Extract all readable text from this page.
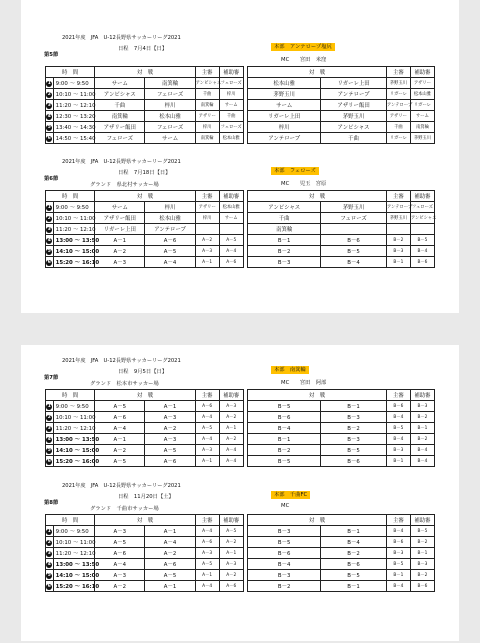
2021年度　JFA　U-12長野県サッカーリーグ2021
第5節
日程　7月4日【日】	本部　アンテロープ塩尻
MC　　宮田　米窪
時　間		対　戦		主審	補助審		対　戦		主審	補助審
1	9:00 〜 9:50	サーム	南箕輪	アンビシャス	フェローズ		松本山雅	リガーレ上田	茅野玉川	アザリー
2	10:10 〜 11:00	アンビシャス	フェローズ	千曲	梓川		茅野玉川	アンテロープ	リガーレ	松本山雅
3	11:20 〜 12:10	千曲	梓川	南箕輪	サーム		サーム	アザリー飯田	アンテロープ	リガーレ
4	12:30 〜 13:20	南箕輪	松本山雅	アザリー	千曲		リガーレ上田	茅野玉川	アザリー	サーム
5	13:40 〜 14:30	アザリー飯田	フェローズ	梓川	フェローズ		梓川	アンビシャス	千曲	南箕輪
6	14:50 〜 15:40	フェローズ	サーム	南箕輪	松本山雅		アンテロープ	千曲	リガーレ	茅野玉川
2021年度　JFA　U-12長野県サッカーリーグ2021
第6節
日程　7月18日【日】
グランド　県北村サッカー場
本部　フェローズ
MC　　児玉　宮原
時　間		対　戦		主審	補助審		対　戦		主審	補助審
1	9:00 〜 9:50	サーム	梓川	アザリー	松本山雅		アンビシャス	茅野玉川	アンテロープ	フェローズ
2	10:10 〜 11:00	アザリー飯田	松本山雅	梓川	サーム		千曲	フェローズ	茅野玉川	アンビシャス
3	11:20 〜 12:10	リガーレ上田	アンテロープ				南箕輪			
4	13:00 〜 13:50	A－1	A－6	A－2	A－5		B－1	B－6	B－2	B－5
5	14:10 〜 15:00	A－2	A－5	A－3	A－4		B－2	B－5	B－3	B－4
6	15:20 〜 16:10	A－3	A－4	A－1	A－6		B－3	B－4	B－1	B－6
2021年度　JFA　U-12長野県サッカーリーグ2021
第7節
日程　9月5日【日】
グランド　松本市サッカー場
本部　南箕輪
MC　　宮田　阿部
時　間		対　戦		主審	補助審		対　戦		主審	補助審
1	9:00 〜 9:50	A－5	A－1	A－6	A－3		B－5	B－1	B－6	B－3
2	10:10 〜 11:00	A－6	A－3	A－4	A－2		B－6	B－3	B－4	B－2
3	11:20 〜 12:10	A－4	A－2	A－5	A－1		B－4	B－2	B－5	B－1
4	13:00 〜 13:50	A－1	A－3	A－4	A－2		B－1	B－3	B－4	B－2
5	14:10 〜 15:00	A－2	A－5	A－3	A－4		B－2	B－5	B－3	B－4
6	15:20 〜 16:00	A－5	A－6	A－1	A－4		B－5	B－6	B－1	B－4
2021年度　JFA　U-12長野県サッカーリーグ2021
第8節
日程　11月20日【土】
グランド　千曲市サッカー場
本部　千曲FC
MC
時　間		対　戦		主審	補助審		対　戦		主審	補助審
1	9:00 〜 9:50	A－3	A－1	A－4	A－5		B－3	B－1	B－4	B－5
2	10:10 〜 11:00	A－5	A－4	A－6	A－2		B－5	B－4	B－6	B－2
3	11:20 〜 12:10	A－6	A－2	A－3	A－1		B－6	B－2	B－3	B－1
4	13:00 〜 13:50	A－4	A－6	A－5	A－3		B－4	B－6	B－5	B－3
5	14:10 〜 15:00	A－3	A－5	A－1	A－2		B－3	B－5	B－1	B－2
6	15:20 〜 16:10	A－2	A－1	A－4	A－6		B－2	B－1	B－4	B－6
